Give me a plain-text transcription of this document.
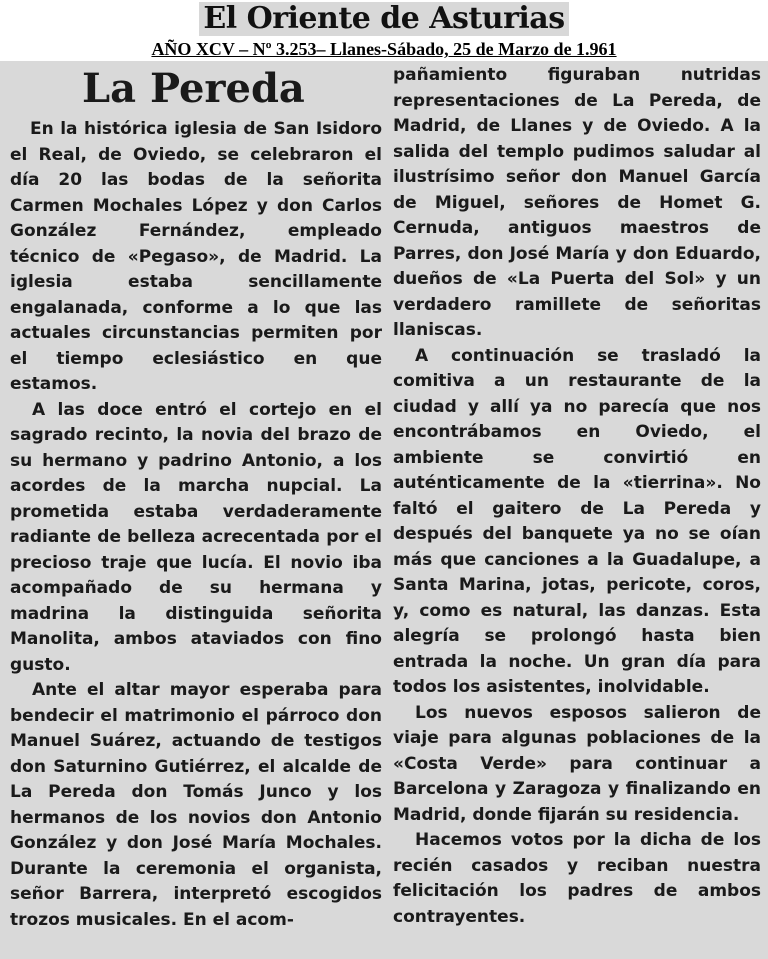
El Oriente de Asturias
AÑO XCV – Nº 3.253– Llanes-Sábado, 25 de Marzo de 1.961
La Pereda

En la histórica iglesia de San Isidoro el Real, de Oviedo, se celebraron el día 20 las bodas de la señorita Carmen Mochales López y don Carlos González Fernández, empleado técnico de «Pegaso», de Madrid. La iglesia estaba sencillamente engalanada, conforme a lo que las actuales circunstancias permiten por el tiempo eclesiástico en que estamos.

A las doce entró el cortejo en el sagrado recinto, la novia del brazo de su hermano y padrino Antonio, a los acordes de la marcha nupcial. La prometida estaba verdaderamente radiante de belleza acrecentada por el precioso traje que lucía. El novio iba acompañado de su hermana y madrina la distinguida señorita Manolita, ambos ataviados con fino gusto.

Ante el altar mayor esperaba para bendecir el matrimonio el párroco don Manuel Suárez, actuando de testigos don Saturnino Gutiérrez, el alcalde de La Pereda don Tomás Junco y los hermanos de los novios don Antonio González y don José María Mochales. Durante la ceremonia el organista, señor Barrera, interpretó escogidos trozos musicales. En el acom-

pañamiento figuraban nutridas representaciones de La Pereda, de Madrid, de Llanes y de Oviedo. A la salida del templo pudimos saludar al ilustrísimo señor don Manuel García de Miguel, señores de Homet G. Cernuda, antiguos maestros de Parres, don José María y don Eduardo, dueños de «La Puerta del Sol» y un verdadero ramillete de señoritas llaniscas.

A continuación se trasladó la comitiva a un restaurante de la ciudad y allí ya no parecía que nos encontrábamos en Oviedo, el ambiente se convirtió en auténticamente de la «tierrina». No faltó el gaitero de La Pereda y después del banquete ya no se oían más que canciones a la Guadalupe, a Santa Marina, jotas, pericote, coros, y, como es natural, las danzas. Esta alegría se prolongó hasta bien entrada la noche. Un gran día para todos los asistentes, inolvidable.

Los nuevos esposos salieron de viaje para algunas poblaciones de la «Costa Verde» para continuar a Barcelona y Zaragoza y finalizando en Madrid, donde fijarán su residencia.

Hacemos votos por la dicha de los recién casados y reciban nuestra felicitación los padres de ambos contrayentes.
